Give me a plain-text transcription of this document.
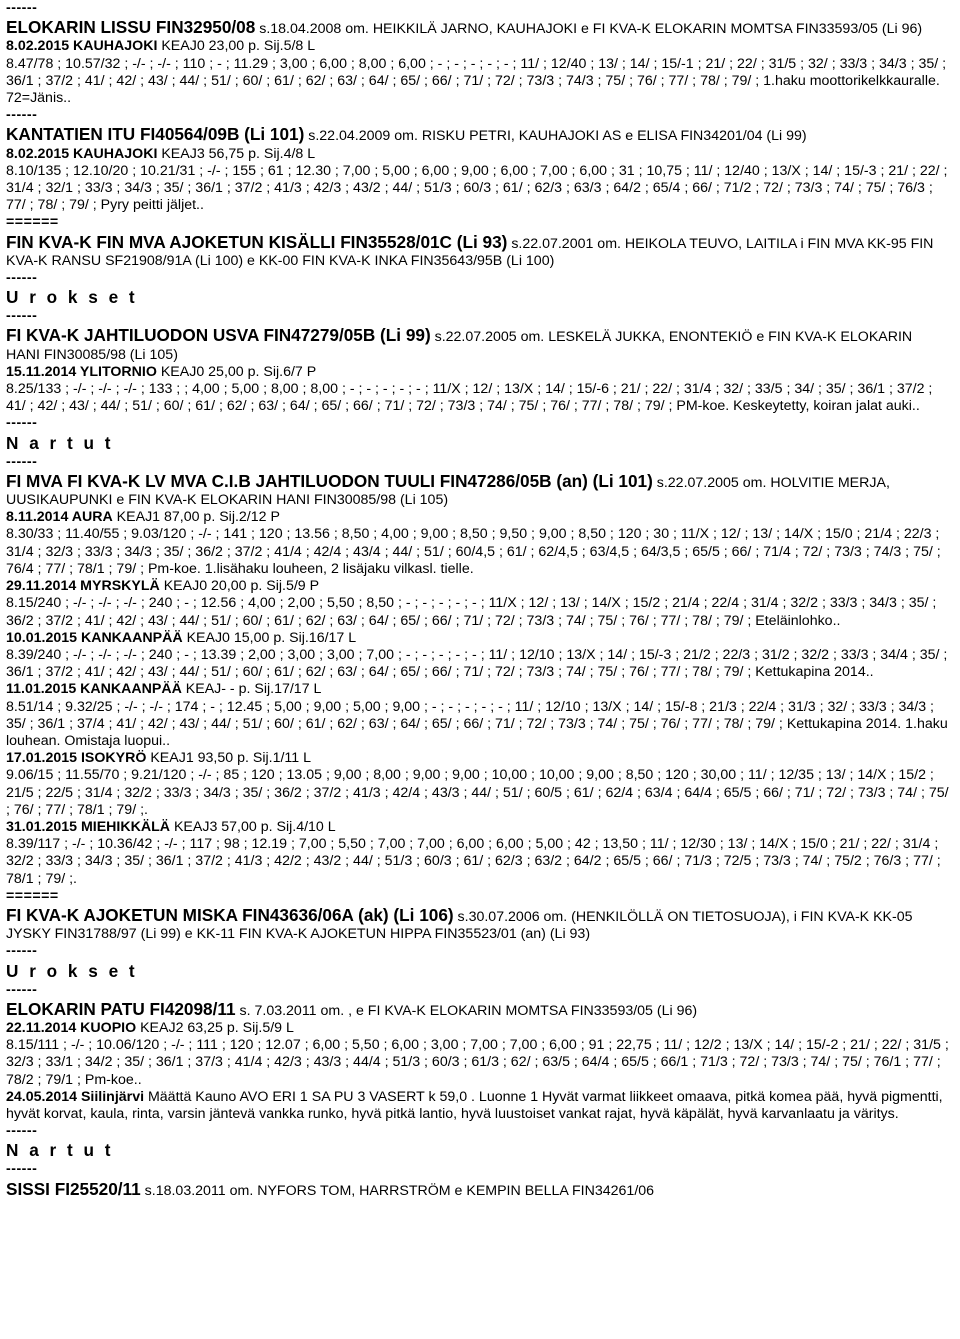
------
ELOKARIN LISSU FIN32950/08 s.18.04.2008 om. HEIKKILÄ JARNO, KAUHAJOKI e FI KVA-K ELOKARIN MOMTSA FIN33593/05 (Li 96)
8.02.2015 KAUHAJOKI KEAJ0 23,00 p. Sij.5/8 L
8.47/78 ; 10.57/32 ; -/- ; -/- ; 110 ; - ; 11.29 ; 3,00 ; 6,00 ; 8,00 ; 6,00 ; - ; - ; - ; - ; - ; 11/ ; 12/40 ; 13/ ; 14/ ; 15/-1 ; 21/ ; 22/ ; 31/5 ; 32/ ; 33/3 ; 34/3 ; 35/ ; 36/1 ; 37/2 ; 41/ ; 42/ ; 43/ ; 44/ ; 51/ ; 60/ ; 61/ ; 62/ ; 63/ ; 64/ ; 65/ ; 66/ ; 71/ ; 72/ ; 73/3 ; 74/3 ; 75/ ; 76/ ; 77/ ; 78/ ; 79/ ; 1.haku moottorikelkkauralle. 72=Jänis..
------
KANTATIEN ITU FI40564/09B (Li 101) s.22.04.2009 om. RISKU PETRI, KAUHAJOKI AS e ELISA FIN34201/04 (Li 99)
8.02.2015 KAUHAJOKI KEAJ3 56,75 p. Sij.4/8 L
8.10/135 ; 12.10/20 ; 10.21/31 ; -/- ; 155 ; 61 ; 12.30 ; 7,00 ; 5,00 ; 6,00 ; 9,00 ; 6,00 ; 7,00 ; 6,00 ; 31 ; 10,75 ; 11/ ; 12/40 ; 13/X ; 14/ ; 15/-3 ; 21/ ; 22/ ; 31/4 ; 32/1 ; 33/3 ; 34/3 ; 35/ ; 36/1 ; 37/2 ; 41/3 ; 42/3 ; 43/2 ; 44/ ; 51/3 ; 60/3 ; 61/ ; 62/3 ; 63/3 ; 64/2 ; 65/4 ; 66/ ; 71/2 ; 72/ ; 73/3 ; 74/ ; 75/ ; 76/3 ; 77/ ; 78/ ; 79/ ; Pyry peitti jäljet..
======
FIN KVA-K FIN MVA AJOKETUN KISÄLLI FIN35528/01C (Li 93) s.22.07.2001 om. HEIKOLA TEUVO, LAITILA i FIN MVA KK-95 FIN KVA-K RANSU SF21908/91A (Li 100) e KK-00 FIN KVA-K INKA FIN35643/95B (Li 100)
------
U r o k s e t
------
FI KVA-K JAHTILUODON USVA FIN47279/05B (Li 99) s.22.07.2005 om. LESKELÄ JUKKA, ENONTEKIÖ e FIN KVA-K ELOKARIN HANI FIN30085/98 (Li 105)
15.11.2014 YLITORNIO KEAJ0 25,00 p. Sij.6/7 P
8.25/133 ; -/- ; -/- ; -/- ; 133 ; ; 4,00 ; 5,00 ; 8,00 ; 8,00 ; - ; - ; - ; - ; - ; 11/X ; 12/ ; 13/X ; 14/ ; 15/-6 ; 21/ ; 22/ ; 31/4 ; 32/ ; 33/5 ; 34/ ; 35/ ; 36/1 ; 37/2 ; 41/ ; 42/ ; 43/ ; 44/ ; 51/ ; 60/ ; 61/ ; 62/ ; 63/ ; 64/ ; 65/ ; 66/ ; 71/ ; 72/ ; 73/3 ; 74/ ; 75/ ; 76/ ; 77/ ; 78/ ; 79/ ; PM-koe. Keskeytetty, koiran jalat auki..
------
N a r t u t
------
FI MVA FI KVA-K LV MVA C.I.B JAHTILUODON TUULI FIN47286/05B (an) (Li 101) s.22.07.2005 om. HOLVITIE MERJA, UUSIKAUPUNKI e FIN KVA-K ELOKARIN HANI FIN30085/98 (Li 105)
8.11.2014 AURA KEAJ1 87,00 p. Sij.2/12 P
8.30/33 ; 11.40/55 ; 9.03/120 ; -/- ; 141 ; 120 ; 13.56 ; 8,50 ; 4,00 ; 9,00 ; 8,50 ; 9,50 ; 9,00 ; 8,50 ; 120 ; 30 ; 11/X ; 12/ ; 13/ ; 14/X ; 15/0 ; 21/4 ; 22/3 ; 31/4 ; 32/3 ; 33/3 ; 34/3 ; 35/ ; 36/2 ; 37/2 ; 41/4 ; 42/4 ; 43/4 ; 44/ ; 51/ ; 60/4,5 ; 61/ ; 62/4,5 ; 63/4,5 ; 64/3,5 ; 65/5 ; 66/ ; 71/4 ; 72/ ; 73/3 ; 74/3 ; 75/ ; 76/4 ; 77/ ; 78/1 ; 79/ ; Pm-koe. 1.lisähaku louheen, 2 lisäjaku vilkasl. tielle.
29.11.2014 MYRSKYLÄ KEAJ0 20,00 p. Sij.5/9 P
8.15/240 ; -/- ; -/- ; -/- ; 240 ; - ; 12.56 ; 4,00 ; 2,00 ; 5,50 ; 8,50 ; - ; - ; - ; - ; - ; 11/X ; 12/ ; 13/ ; 14/X ; 15/2 ; 21/4 ; 22/4 ; 31/4 ; 32/2 ; 33/3 ; 34/3 ; 35/ ; 36/2 ; 37/2 ; 41/ ; 42/ ; 43/ ; 44/ ; 51/ ; 60/ ; 61/ ; 62/ ; 63/ ; 64/ ; 65/ ; 66/ ; 71/ ; 72/ ; 73/3 ; 74/ ; 75/ ; 76/ ; 77/ ; 78/ ; 79/ ; Eteläinlohko..
10.01.2015 KANKAANPÄÄ KEAJ0 15,00 p. Sij.16/17 L
8.39/240 ; -/- ; -/- ; -/- ; 240 ; - ; 13.39 ; 2,00 ; 3,00 ; 3,00 ; 7,00 ; - ; - ; - ; - ; - ; 11/ ; 12/10 ; 13/X ; 14/ ; 15/-3 ; 21/2 ; 22/3 ; 31/2 ; 32/2 ; 33/3 ; 34/4 ; 35/ ; 36/1 ; 37/2 ; 41/ ; 42/ ; 43/ ; 44/ ; 51/ ; 60/ ; 61/ ; 62/ ; 63/ ; 64/ ; 65/ ; 66/ ; 71/ ; 72/ ; 73/3 ; 74/ ; 75/ ; 76/ ; 77/ ; 78/ ; 79/ ; Kettukapina 2014..
11.01.2015 KANKAANPÄÄ KEAJ- - p. Sij.17/17 L
8.51/14 ; 9.32/25 ; -/- ; -/- ; 174 ; - ; 12.45 ; 5,00 ; 9,00 ; 5,00 ; 9,00 ; - ; - ; - ; - ; - ; 11/ ; 12/10 ; 13/X ; 14/ ; 15/-8 ; 21/3 ; 22/4 ; 31/3 ; 32/ ; 33/3 ; 34/3 ; 35/ ; 36/1 ; 37/4 ; 41/ ; 42/ ; 43/ ; 44/ ; 51/ ; 60/ ; 61/ ; 62/ ; 63/ ; 64/ ; 65/ ; 66/ ; 71/ ; 72/ ; 73/3 ; 74/ ; 75/ ; 76/ ; 77/ ; 78/ ; 79/ ; Kettukapina 2014. 1.haku louhean. Omistaja luopui..
17.01.2015 ISOKYRÖ KEAJ1 93,50 p. Sij.1/11 L
9.06/15 ; 11.55/70 ; 9.21/120 ; -/- ; 85 ; 120 ; 13.05 ; 9,00 ; 8,00 ; 9,00 ; 9,00 ; 10,00 ; 10,00 ; 9,00 ; 8,50 ; 120 ; 30,00 ; 11/ ; 12/35 ; 13/ ; 14/X ; 15/2 ; 21/5 ; 22/5 ; 31/4 ; 32/2 ; 33/3 ; 34/3 ; 35/ ; 36/2 ; 37/2 ; 41/3 ; 42/4 ; 43/3 ; 44/ ; 51/ ; 60/5 ; 61/ ; 62/4 ; 63/4 ; 64/4 ; 65/5 ; 66/ ; 71/ ; 72/ ; 73/3 ; 74/ ; 75/ ; 76/ ; 77/ ; 78/1 ; 79/ ;.
31.01.2015 MIEHIKKÄLÄ KEAJ3 57,00 p. Sij.4/10 L
8.39/117 ; -/- ; 10.36/42 ; -/- ; 117 ; 98 ; 12.19 ; 7,00 ; 5,50 ; 7,00 ; 7,00 ; 6,00 ; 6,00 ; 5,00 ; 42 ; 13,50 ; 11/ ; 12/30 ; 13/ ; 14/X ; 15/0 ; 21/ ; 22/ ; 31/4 ; 32/2 ; 33/3 ; 34/3 ; 35/ ; 36/1 ; 37/2 ; 41/3 ; 42/2 ; 43/2 ; 44/ ; 51/3 ; 60/3 ; 61/ ; 62/3 ; 63/2 ; 64/2 ; 65/5 ; 66/ ; 71/3 ; 72/5 ; 73/3 ; 74/ ; 75/2 ; 76/3 ; 77/ ; 78/1 ; 79/ ;.
======
FI KVA-K AJOKETUN MISKA FIN43636/06A (ak) (Li 106) s.30.07.2006 om. (HENKILÖLLÄ ON TIETOSUOJA), i FIN KVA-K KK-05 JYSKY FIN31788/97 (Li 99) e KK-11 FIN KVA-K AJOKETUN HIPPA FIN35523/01 (an) (Li 93)
------
U r o k s e t
------
ELOKARIN PATU FI42098/11 s. 7.03.2011 om. , e FI KVA-K ELOKARIN MOMTSA FIN33593/05 (Li 96)
22.11.2014 KUOPIO KEAJ2 63,25 p. Sij.5/9 L
8.15/111 ; -/- ; 10.06/120 ; -/- ; 111 ; 120 ; 12.07 ; 6,00 ; 5,50 ; 6,00 ; 3,00 ; 7,00 ; 7,00 ; 6,00 ; 91 ; 22,75 ; 11/ ; 12/2 ; 13/X ; 14/ ; 15/-2 ; 21/ ; 22/ ; 31/5 ; 32/3 ; 33/1 ; 34/2 ; 35/ ; 36/1 ; 37/3 ; 41/4 ; 42/3 ; 43/3 ; 44/4 ; 51/3 ; 60/3 ; 61/3 ; 62/ ; 63/5 ; 64/4 ; 65/5 ; 66/1 ; 71/3 ; 72/ ; 73/3 ; 74/ ; 75/ ; 76/1 ; 77/ ; 78/2 ; 79/1 ; Pm-koe..
24.05.2014 Siilinjärvi Määttä Kauno AVO ERI 1 SA PU 3 VASERT k 59,0 . Luonne 1 Hyvät varmat liikkeet omaava, pitkä komea pää, hyvä pigmentti, hyvät korvat, kaula, rinta, varsin jäntevä vankka runko, hyvä pitkä lantio, hyvä luustoiset vankat rajat, hyvä käpälät, hyvä karvanlaatu ja väritys.
------
N a r t u t
------
SISSI FI25520/11 s.18.03.2011 om. NYFORS TOM, HARRSTRÖM e KEMPIN BELLA FIN34261/06
